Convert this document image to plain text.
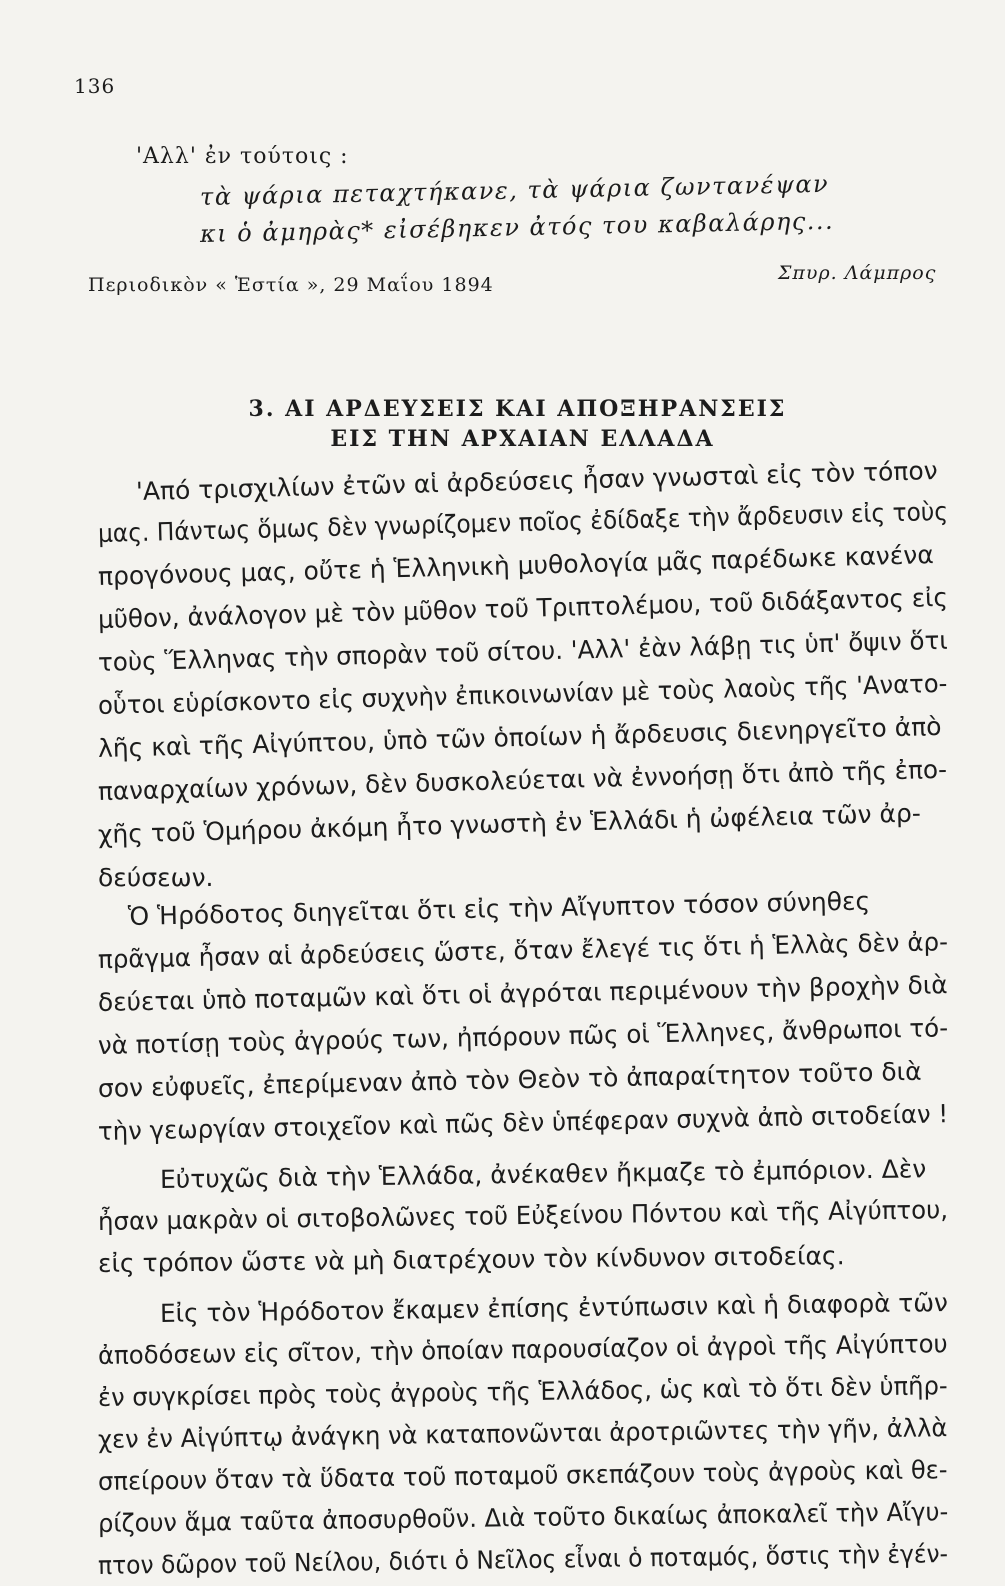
136
'Αλλ' ἐν τούτοις :
τὰ ψάρια πεταχτήκανε, τὰ ψάρια ζωντανέψαν
κι ὁ ἀμηρὰς* εἰσέβηκεν ἀτός του καβαλάρης...
Περιοδικὸν « Ἑστία », 29 Μαΐου 1894
Σπυρ. Λάμπρος
3. ΑΙ ΑΡΔΕΥΣΕΙΣ ΚΑΙ ΑΠΟΞΗΡΑΝΣΕΙΣ
ΕΙΣ ΤΗΝ ΑΡΧΑΙΑΝ ΕΛΛΑΔΑ
'Από τρισχιλίων ἐτῶν αἱ ἀρδεύσεις ἦσαν γνωσταὶ εἰς τὸν τόπον
μας. Πάντως ὅμως δὲν γνωρίζομεν ποῖος ἐδίδαξε τὴν ἄρδευσιν εἰς τοὺς
προγόνους μας, οὔτε ἡ Ἑλληνικὴ μυθολογία μᾶς παρέδωκε κανένα
μῦθον, ἀνάλογον μὲ τὸν μῦθον τοῦ Τριπτολέμου, τοῦ διδάξαντος εἰς
τοὺς Ἕλληνας τὴν σπορὰν τοῦ σίτου. 'Αλλ' ἐὰν λάβῃ τις ὑπ' ὄψιν ὅτι
οὗτοι εὑρίσκοντο εἰς συχνὴν ἐπικοινωνίαν μὲ τοὺς λαοὺς τῆς 'Ανατο-
λῆς καὶ τῆς Αἰγύπτου, ὑπὸ τῶν ὁποίων ἡ ἄρδευσις διενηργεῖτο ἀπὸ
παναρχαίων χρόνων, δὲν δυσκολεύεται νὰ ἐννοήσῃ ὅτι ἀπὸ τῆς ἐπο-
χῆς τοῦ Ὁμήρου ἀκόμη ἦτο γνωστὴ ἐν Ἑλλάδι ἡ ὠφέλεια τῶν ἀρ-
δεύσεων.
Ὁ Ἡρόδοτος διηγεῖται ὅτι εἰς τὴν Αἴγυπτον τόσον σύνηθες
πρᾶγμα ἦσαν αἱ ἀρδεύσεις ὥστε, ὅταν ἔλεγέ τις ὅτι ἡ Ἑλλὰς δὲν ἀρ-
δεύεται ὑπὸ ποταμῶν καὶ ὅτι οἱ ἀγρόται περιμένουν τὴν βροχὴν διὰ
νὰ ποτίσῃ τοὺς ἀγρούς των, ἠπόρουν πῶς οἱ Ἕλληνες, ἄνθρωποι τό-
σον εὐφυεῖς, ἐπερίμεναν ἀπὸ τὸν Θεὸν τὸ ἀπαραίτητον τοῦτο διὰ
τὴν γεωργίαν στοιχεῖον καὶ πῶς δὲν ὑπέφεραν συχνὰ ἀπὸ σιτοδείαν !
Εὐτυχῶς διὰ τὴν Ἑλλάδα, ἀνέκαθεν ἤκμαζε τὸ ἐμπόριον. Δὲν
ἦσαν μακρὰν οἱ σιτοβολῶνες τοῦ Εὐξείνου Πόντου καὶ τῆς Αἰγύπτου,
εἰς τρόπον ὥστε νὰ μὴ διατρέχουν τὸν κίνδυνον σιτοδείας.
Εἰς τὸν Ἡρόδοτον ἔκαμεν ἐπίσης ἐντύπωσιν καὶ ἡ διαφορὰ τῶν
ἀποδόσεων εἰς σῖτον, τὴν ὁποίαν παρουσίαζον οἱ ἀγροὶ τῆς Αἰγύπτου
ἐν συγκρίσει πρὸς τοὺς ἀγροὺς τῆς Ἑλλάδος, ὡς καὶ τὸ ὅτι δὲν ὑπῆρ-
χεν ἐν Αἰγύπτῳ ἀνάγκη νὰ καταπονῶνται ἀροτριῶντες τὴν γῆν, ἀλλὰ
σπείρουν ὅταν τὰ ὕδατα τοῦ ποταμοῦ σκεπάζουν τοὺς ἀγροὺς καὶ θε-
ρίζουν ἅμα ταῦτα ἀποσυρθοῦν. Διὰ τοῦτο δικαίως ἀποκαλεῖ τὴν Αἴγυ-
πτον δῶρον τοῦ Νείλου, διότι ὁ Νεῖλος εἶναι ὁ ποταμός, ὅστις τὴν ἐγέν-
